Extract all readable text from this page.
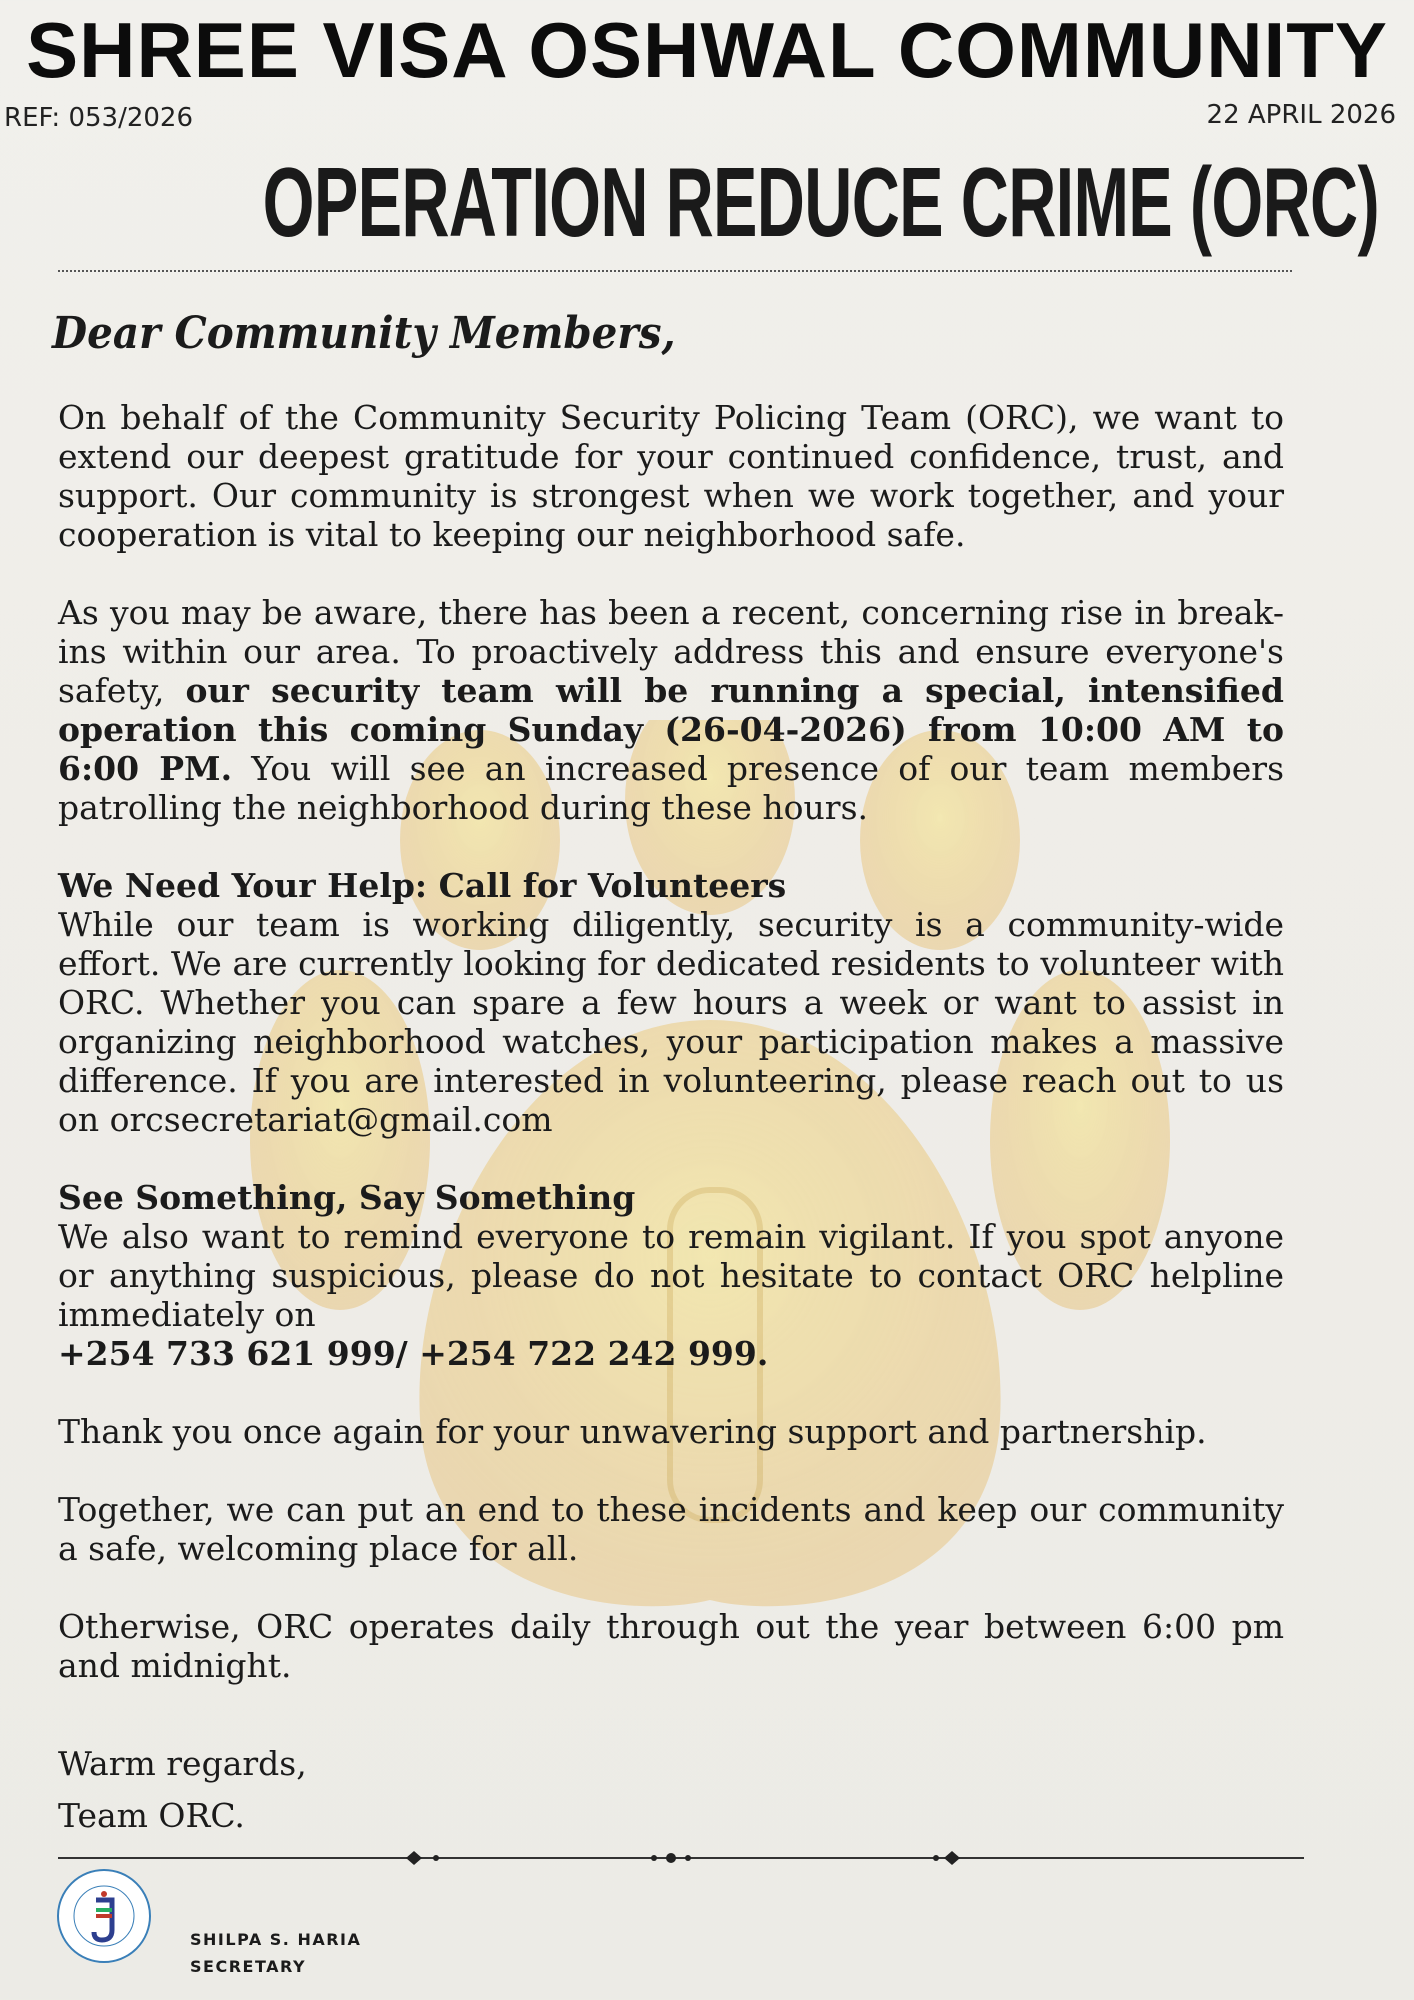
SHREE VISA OSHWAL COMMUNITY
REF: 053/2026	22 APRIL 2026
OPERATION REDUCE CRIME (ORC)
Dear Community Members,

On behalf of the Community Security Policing Team (ORC), we want to extend our deepest gratitude for your continued confidence, trust, and support. Our community is strongest when we work together, and your cooperation is vital to keeping our neighborhood safe.

As you may be aware, there has been a recent, concerning rise in break-ins within our area. To proactively address this and ensure everyone's safety, our security team will be running a special, intensified operation this coming Sunday (26-04-2026) from 10:00 AM to 6:00 PM. You will see an increased presence of our team members patrolling the neighborhood during these hours.

We Need Your Help: Call for Volunteers
While our team is working diligently, security is a community-wide effort. We are currently looking for dedicated residents to volunteer with ORC. Whether you can spare a few hours a week or want to assist in organizing neighborhood watches, your participation makes a massive difference. If you are interested in volunteering, please reach out to us on orcsecretariat@gmail.com

See Something, Say Something
We also want to remind everyone to remain vigilant. If you spot anyone or anything suspicious, please do not hesitate to contact ORC helpline immediately on
+254 733 621 999/ +254 722 242 999.

Thank you once again for your unwavering support and partnership.

Together, we can put an end to these incidents and keep our community a safe, welcoming place for all.

Otherwise, ORC operates daily through out the year between 6:00 pm and midnight.

Warm regards,
Team ORC.
SHILPA S. HARIA
SECRETARY
